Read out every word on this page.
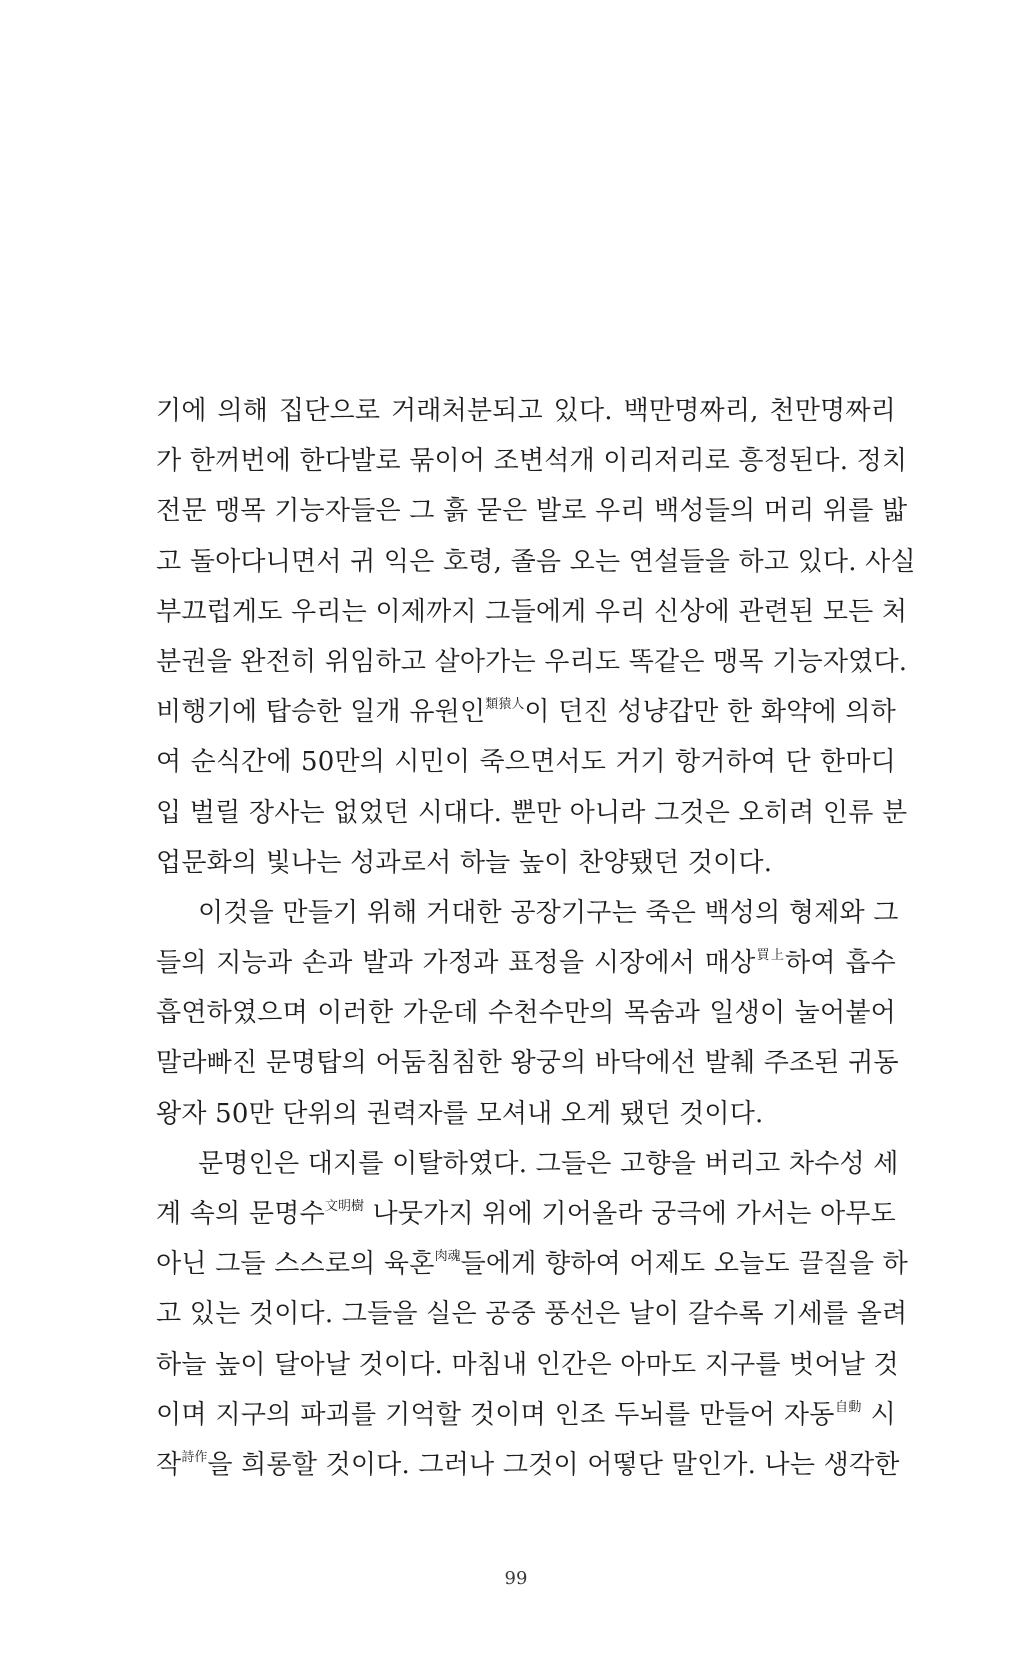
기에 의해 집단으로 거래처분되고 있다. 백만명짜리, 천만명짜리
가 한꺼번에 한다발로 묶이어 조변석개 이리저리로 흥정된다. 정치
전문 맹목 기능자들은 그 흙 묻은 발로 우리 백성들의 머리 위를 밟
고 돌아다니면서 귀 익은 호령, 졸음 오는 연설들을 하고 있다. 사실
부끄럽게도 우리는 이제까지 그들에게 우리 신상에 관련된 모든 처
분권을 완전히 위임하고 살아가는 우리도 똑같은 맹목 기능자였다.
비행기에 탑승한 일개 유원인$^{類猿人}$이 던진 성냥갑만 한 화약에 의하
여 순식간에 50만의 시민이 죽으면서도 거기 항거하여 단 한마디
입 벌릴 장사는 없었던 시대다. 뿐만 아니라 그것은 오히려 인류 분
업문화의 빛나는 성과로서 하늘 높이 찬양됐던 것이다.
이것을 만들기 위해 거대한 공장기구는 죽은 백성의 형제와 그
들의 지능과 손과 발과 가정과 표정을 시장에서 매상$^{買上}$하여 흡수
흡연하였으며 이러한 가운데 수천수만의 목숨과 일생이 눌어붙어
말라빠진 문명탑의 어둠침침한 왕궁의 바닥에선 발췌 주조된 귀동
왕자 50만 단위의 권력자를 모셔내 오게 됐던 것이다.
문명인은 대지를 이탈하였다. 그들은 고향을 버리고 차수성 세
계 속의 문명수$^{文明樹}$ 나뭇가지 위에 기어올라 궁극에 가서는 아무도
아닌 그들 스스로의 육혼$^{肉魂}$들에게 향하여 어제도 오늘도 끌질을 하
고 있는 것이다. 그들을 실은 공중 풍선은 날이 갈수록 기세를 올려
하늘 높이 달아날 것이다. 마침내 인간은 아마도 지구를 벗어날 것
이며 지구의 파괴를 기억할 것이며 인조 두뇌를 만들어 자동$^{自動}$ 시
작$^{詩作}$을 희롱할 것이다. 그러나 그것이 어떻단 말인가. 나는 생각한
99
